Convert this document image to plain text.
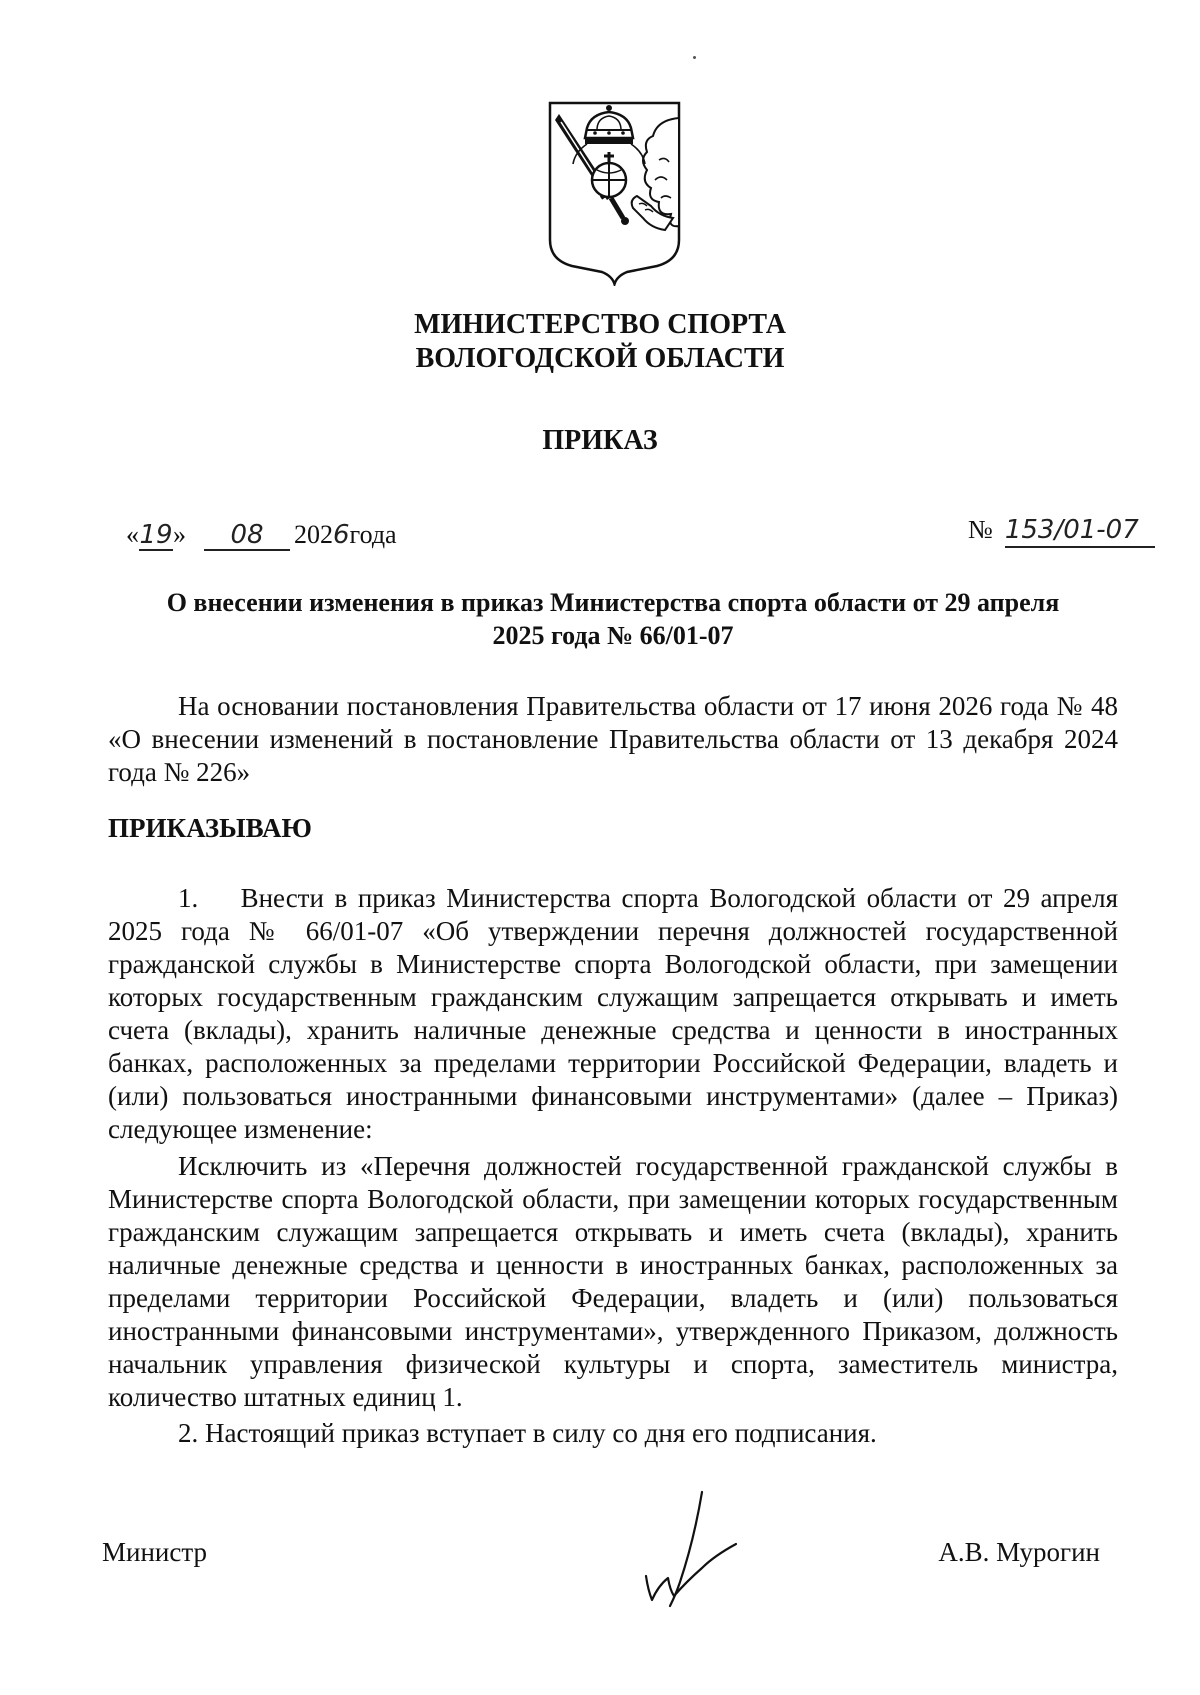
МИНИСТЕРСТВО СПОРТА
ВОЛОГОДСКОЙ ОБЛАСТИ
ПРИКАЗ
«19» 08 2026года	№ 153/01-07
О внесении изменения в приказ Министерства спорта области от 29 апреля
2025 года № 66/01-07
На основании постановления Правительства области от 17 июня 2026 года № 48 «О внесении изменений в постановление Правительства области от 13 декабря 2024 года № 226»
ПРИКАЗЫВАЮ
1.    Внести в приказ Министерства спорта Вологодской области от 29 апреля 2025 года № 66/01-07 «Об утверждении перечня должностей государственной гражданской службы в Министерстве спорта Вологодской области, при замещении которых государственным гражданским служащим запрещается открывать и иметь счета (вклады), хранить наличные денежные средства и ценности в иностранных банках, расположенных за пределами территории Российской Федерации, владеть и (или) пользоваться иностранными финансовыми инструментами» (далее – Приказ) следующее изменение:
Исключить из «Перечня должностей государственной гражданской службы в Министерстве спорта Вологодской области, при замещении которых государственным гражданским служащим запрещается открывать и иметь счета (вклады), хранить наличные денежные средства и ценности в иностранных банках, расположенных за пределами территории Российской Федерации, владеть и (или) пользоваться иностранными финансовыми инструментами», утвержденного Приказом, должность начальник управления физической культуры и спорта, заместитель министра, количество штатных единиц 1.
2. Настоящий приказ вступает в силу со дня его подписания.
Министр	А.В. Мурогин
